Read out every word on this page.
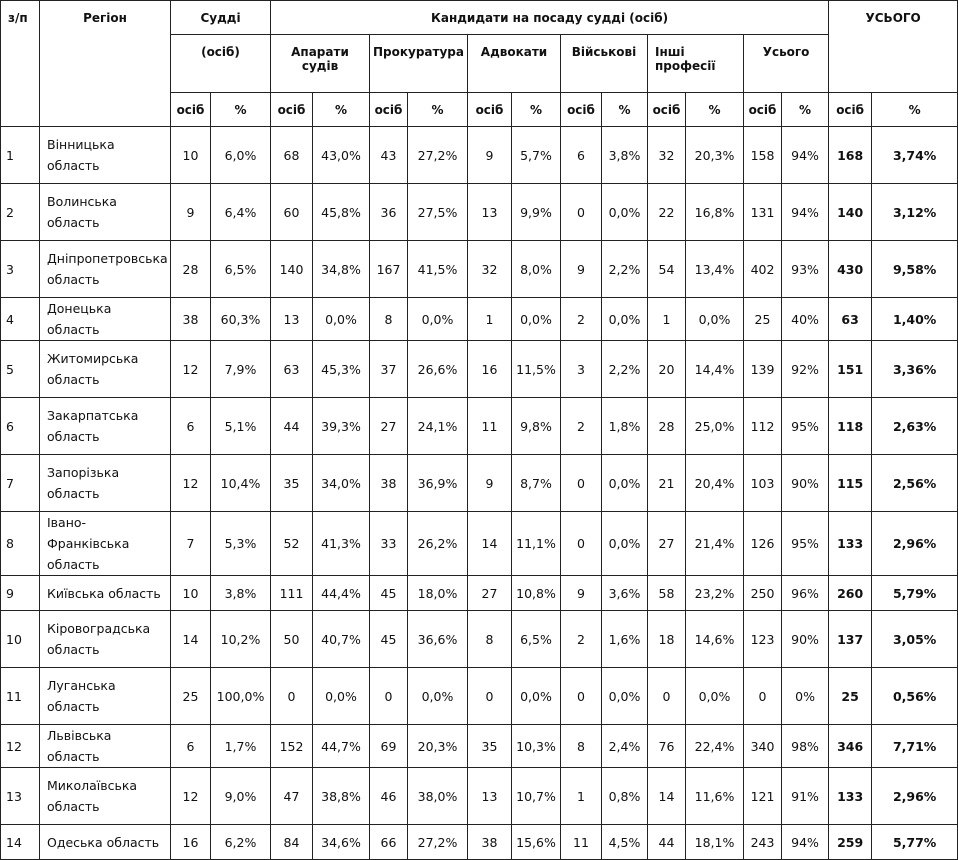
з/п	Регіон	Судді		Кандидати на посаду судді (осіб)												УСЬОГО	
		(осіб)		Апарати судів		Прокуратура		Адвокати		Військові		Інші професії		Усього			
		осіб	%	осіб	%	осіб	%	осіб	%	осіб	%	осіб	%	осіб	%	осіб	%
1	Вінницька область	10	6,0%	68	43,0%	43	27,2%	9	5,7%	6	3,8%	32	20,3%	158	94%	168	3,74%
2	Волинська область	9	6,4%	60	45,8%	36	27,5%	13	9,9%	0	0,0%	22	16,8%	131	94%	140	3,12%
3	Дніпропетровська область	28	6,5%	140	34,8%	167	41,5%	32	8,0%	9	2,2%	54	13,4%	402	93%	430	9,58%
4	Донецька область	38	60,3%	13	0,0%	8	0,0%	1	0,0%	2	0,0%	1	0,0%	25	40%	63	1,40%
5	Житомирська область	12	7,9%	63	45,3%	37	26,6%	16	11,5%	3	2,2%	20	14,4%	139	92%	151	3,36%
6	Закарпатська область	6	5,1%	44	39,3%	27	24,1%	11	9,8%	2	1,8%	28	25,0%	112	95%	118	2,63%
7	Запорізька область	12	10,4%	35	34,0%	38	36,9%	9	8,7%	0	0,0%	21	20,4%	103	90%	115	2,56%
8	Івано-Франківська область	7	5,3%	52	41,3%	33	26,2%	14	11,1%	0	0,0%	27	21,4%	126	95%	133	2,96%
9	Київська область	10	3,8%	111	44,4%	45	18,0%	27	10,8%	9	3,6%	58	23,2%	250	96%	260	5,79%
10	Кіровоградська область	14	10,2%	50	40,7%	45	36,6%	8	6,5%	2	1,6%	18	14,6%	123	90%	137	3,05%
11	Луганська область	25	100,0%	0	0,0%	0	0,0%	0	0,0%	0	0,0%	0	0,0%	0	0%	25	0,56%
12	Львівська область	6	1,7%	152	44,7%	69	20,3%	35	10,3%	8	2,4%	76	22,4%	340	98%	346	7,71%
13	Миколаївська область	12	9,0%	47	38,8%	46	38,0%	13	10,7%	1	0,8%	14	11,6%	121	91%	133	2,96%
14	Одеська область	16	6,2%	84	34,6%	66	27,2%	38	15,6%	11	4,5%	44	18,1%	243	94%	259	5,77%
